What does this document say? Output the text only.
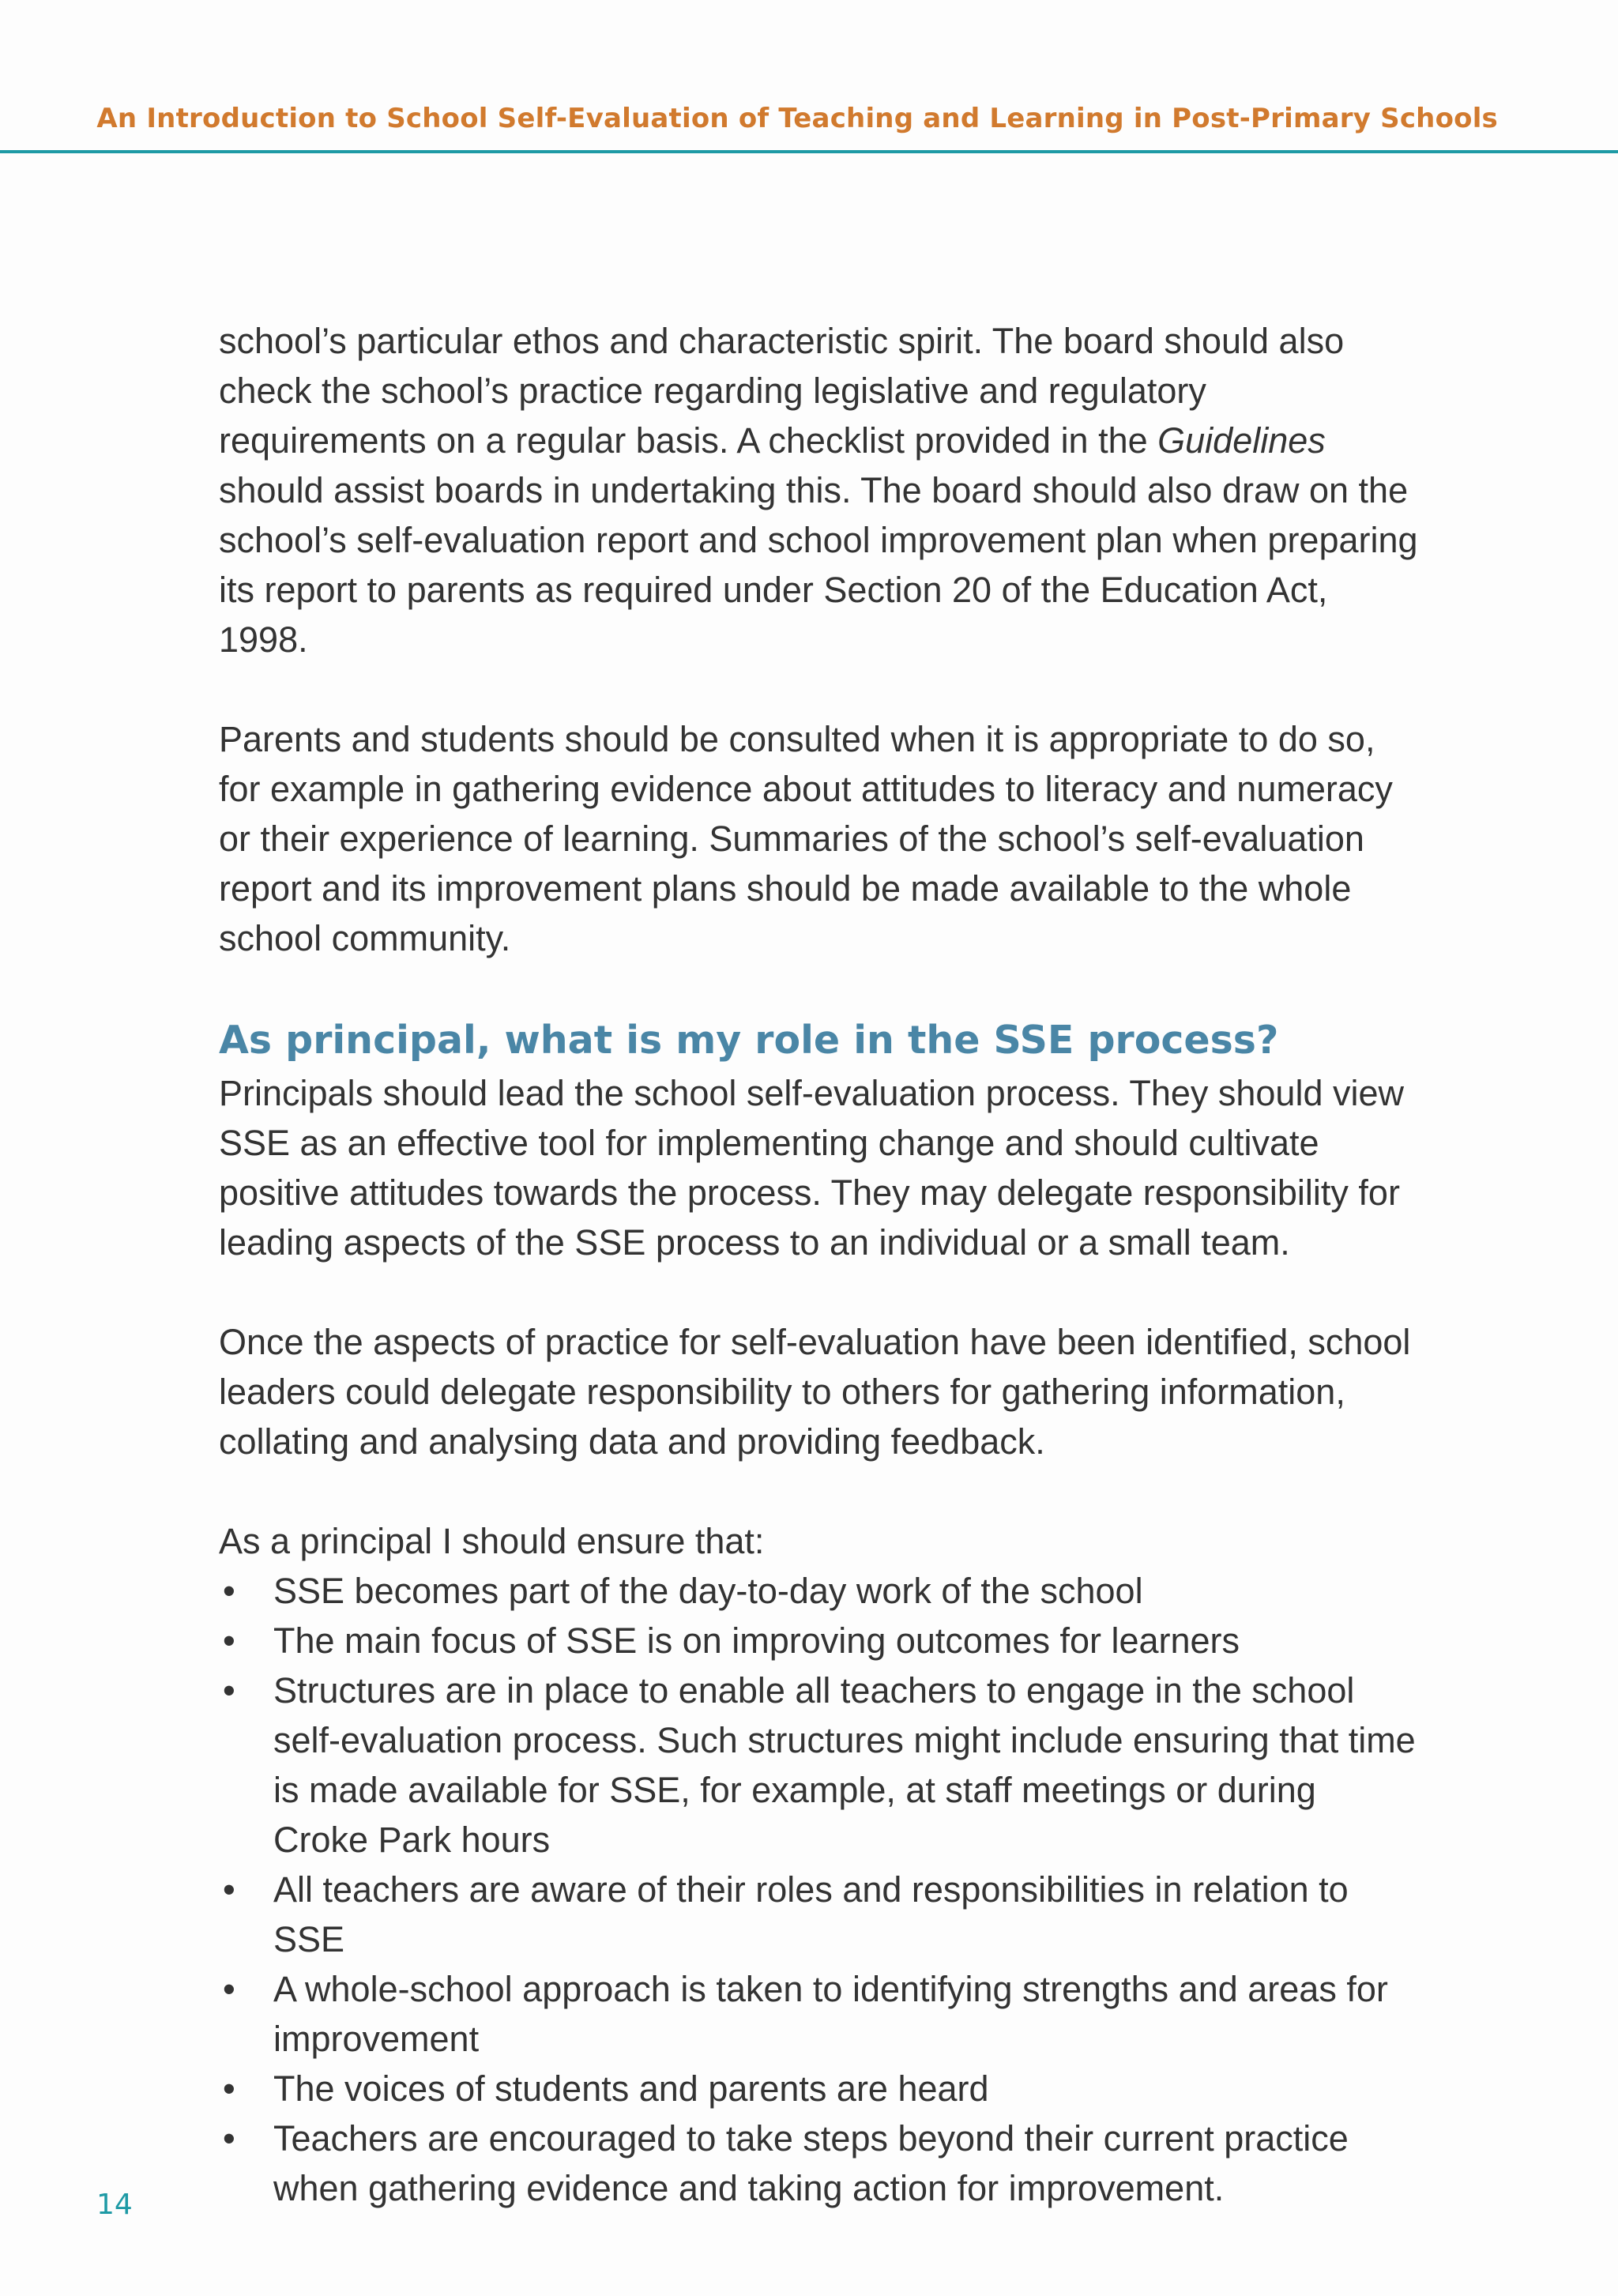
An Introduction to School Self-Evaluation of Teaching and Learning in Post-Primary Schools

school’s particular ethos and characteristic spirit. The board should also check the school’s practice regarding legislative and regulatory requirements on a regular basis. A checklist provided in the Guidelines should assist boards in undertaking this. The board should also draw on the school’s self-evaluation report and school improvement plan when preparing its report to parents as required under Section 20 of the Education Act, 1998.

Parents and students should be consulted when it is appropriate to do so, for example in gathering evidence about attitudes to literacy and numeracy or their experience of learning. Summaries of the school’s self-evaluation report and its improvement plans should be made available to the whole school community.

As principal, what is my role in the SSE process?

Principals should lead the school self-evaluation process. They should view SSE as an effective tool for implementing change and should cultivate positive attitudes towards the process. They may delegate responsibility for leading aspects of the SSE process to an individual or a small team.

Once the aspects of practice for self-evaluation have been identified, school leaders could delegate responsibility to others for gathering information, collating and analysing data and providing feedback.

As a principal I should ensure that:

• SSE becomes part of the day-to-day work of the school
• The main focus of SSE is on improving outcomes for learners
• Structures are in place to enable all teachers to engage in the school self-evaluation process. Such structures might include ensuring that time is made available for SSE, for example, at staff meetings or during Croke Park hours
• All teachers are aware of their roles and responsibilities in relation to SSE
• A whole-school approach is taken to identifying strengths and areas for improvement
• The voices of students and parents are heard
• Teachers are encouraged to take steps beyond their current practice when gathering evidence and taking action for improvement.
14
